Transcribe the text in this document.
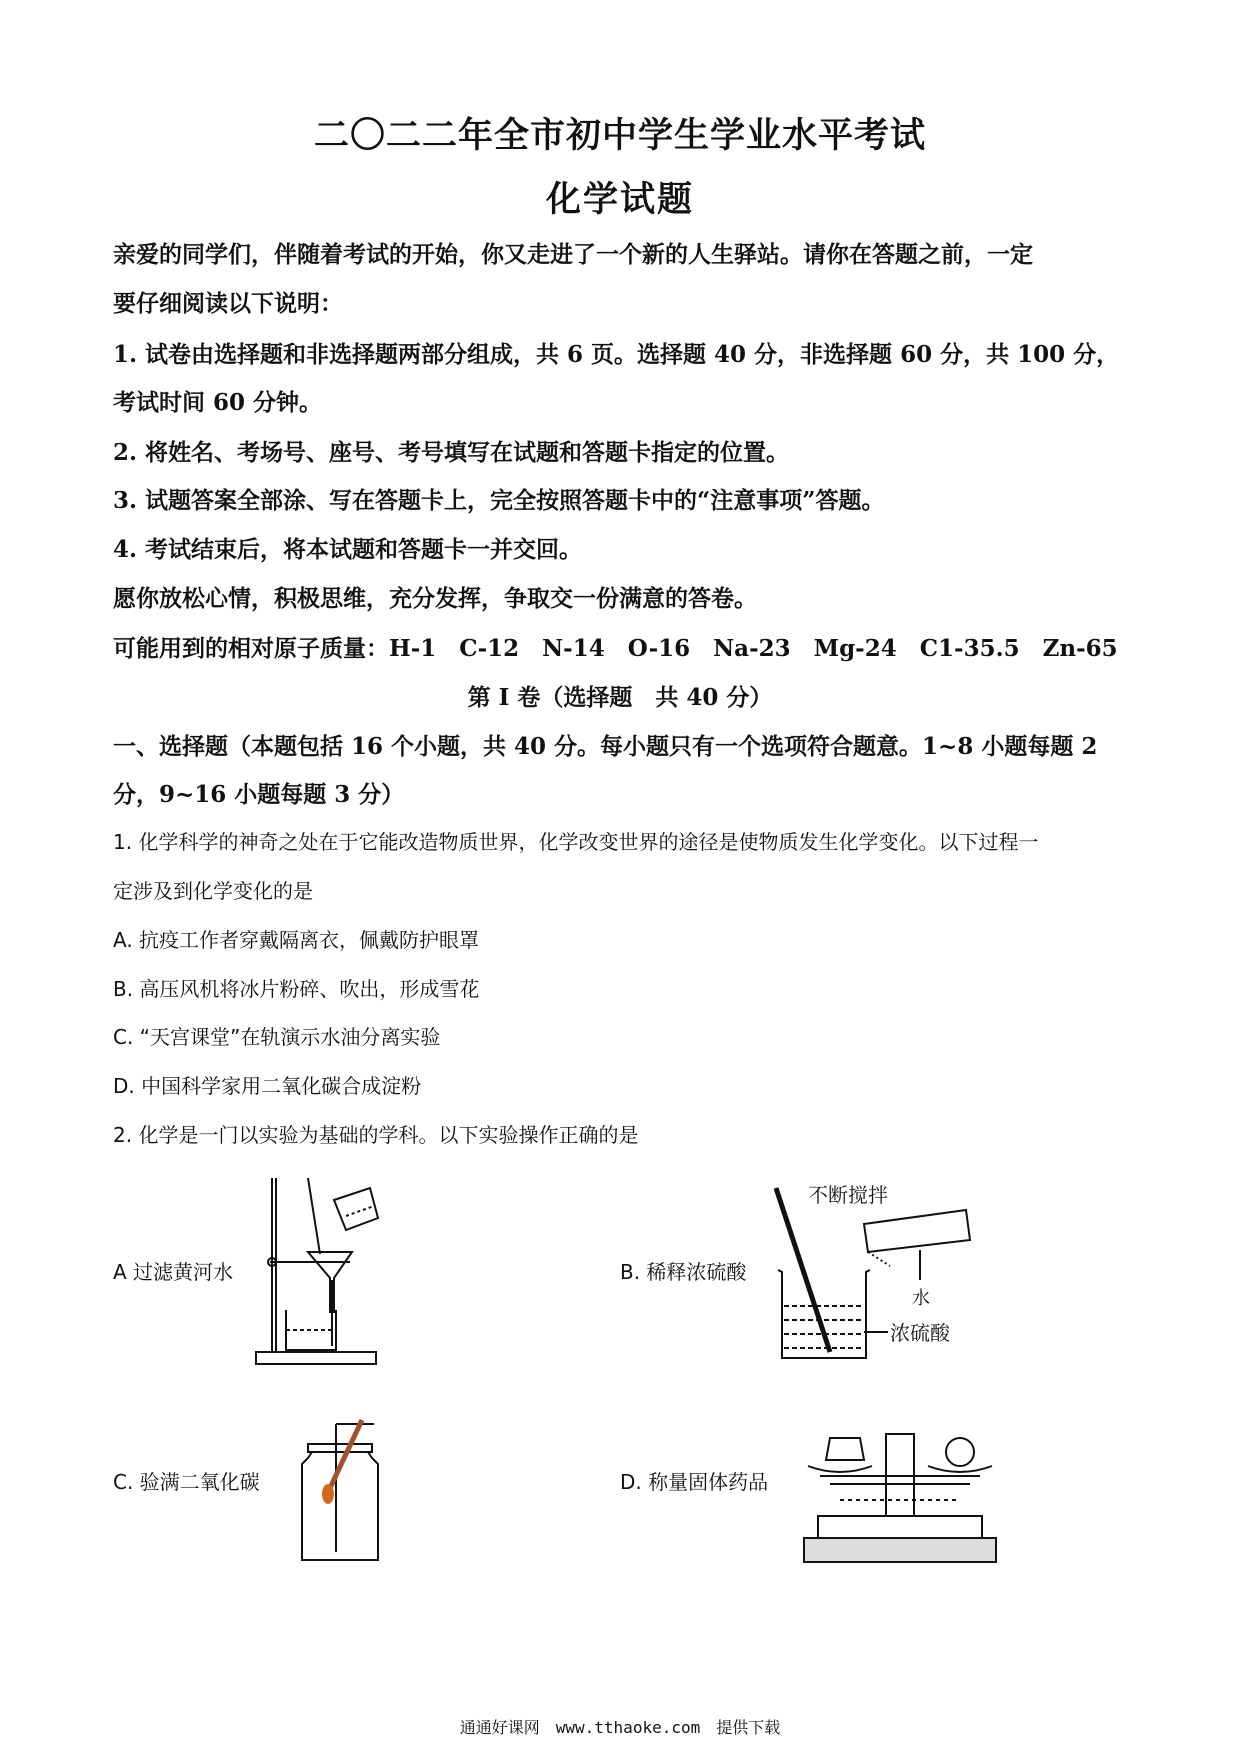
二〇二二年全市初中学生学业水平考试
化学试题
亲爱的同学们，伴随着考试的开始，你又走进了一个新的人生驿站。请你在答题之前，一定
要仔细阅读以下说明：
1. 试卷由选择题和非选择题两部分组成，共 6 页。选择题 40 分，非选择题 60 分，共 100 分，
考试时间 60 分钟。
2. 将姓名、考场号、座号、考号填写在试题和答题卡指定的位置。
3. 试题答案全部涂、写在答题卡上，完全按照答题卡中的“注意事项”答题。
4. 考试结束后，将本试题和答题卡一并交回。
愿你放松心情，积极思维，充分发挥，争取交一份满意的答卷。
可能用到的相对原子质量：H-1　C-12　N-14　O-16　Na-23　Mg-24　C1-35.5　Zn-65
第 I 卷（选择题　共 40 分）
一、选择题（本题包括 16 个小题，共 40 分。每小题只有一个选项符合题意。1~8 小题每题 2
分，9~16 小题每题 3 分）
1. 化学科学的神奇之处在于它能改造物质世界，化学改变世界的途径是使物质发生化学变化。以下过程一
定涉及到化学变化的是
A. 抗疫工作者穿戴隔离衣，佩戴防护眼罩
B. 高压风机将冰片粉碎、吹出，形成雪花
C. “天宫课堂”在轨演示水油分离实验
D. 中国科学家用二氧化碳合成淀粉
2. 化学是一门以实验为基础的学科。以下实验操作正确的是
A 过滤黄河水	B. 稀释浓硫酸
C. 验满二氧化碳	D. 称量固体药品
不断搅拌
水
浓硫酸
通通好课网　www.tthaoke.com　提供下载
